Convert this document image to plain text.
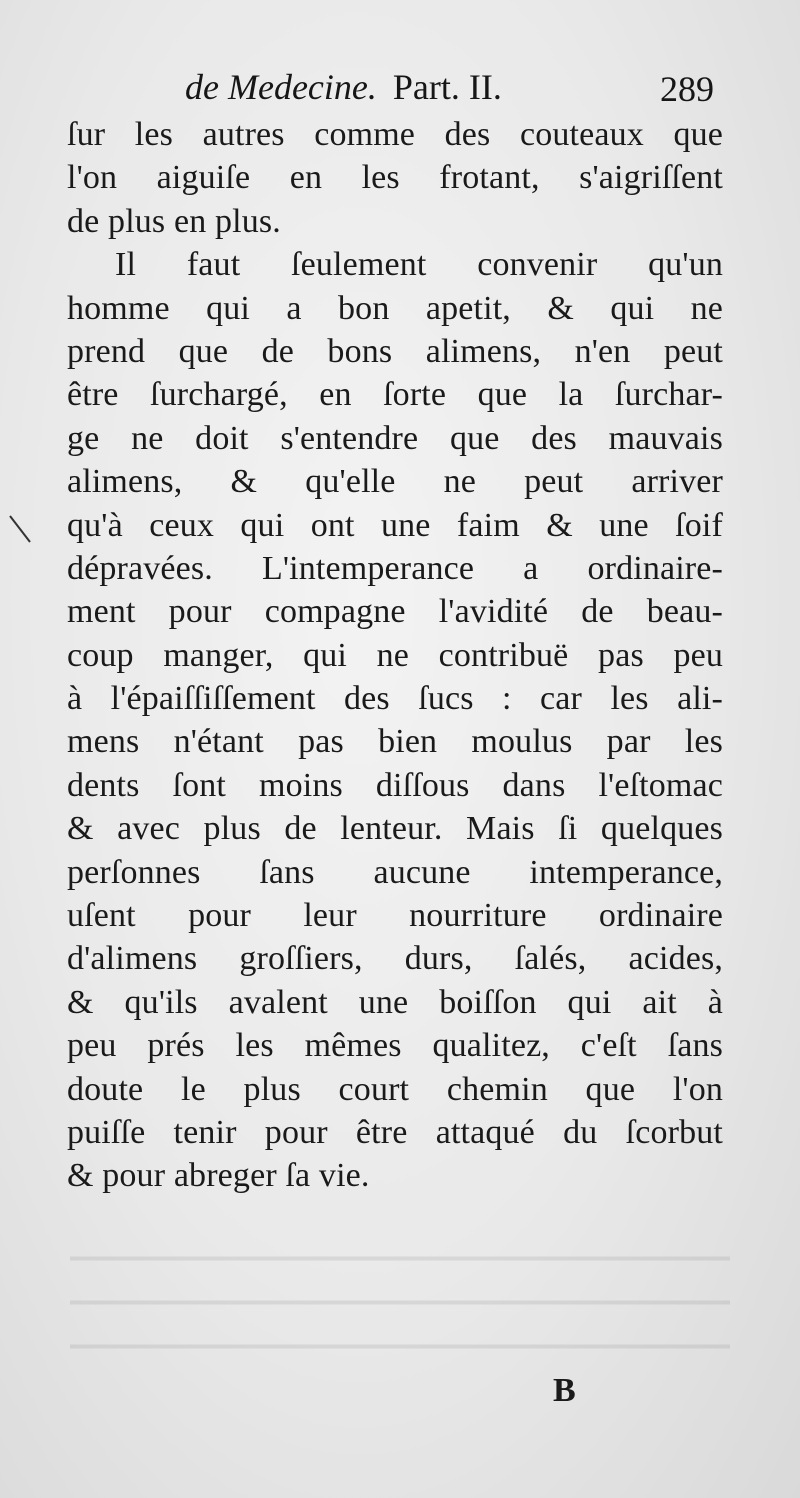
de Medecine. Part. II.	289
ſur les autres comme des couteaux que
l'on aiguiſe en les frotant, s'aigriſſent
de plus en plus.
Il faut ſeulement convenir qu'un
homme qui a bon apetit, & qui ne
prend que de bons alimens, n'en peut
être ſurchargé, en ſorte que la ſurchar-
ge ne doit s'entendre que des mauvais
alimens, & qu'elle ne peut arriver
qu'à ceux qui ont une faim & une ſoif
dépravées. L'intemperance a ordinaire-
ment pour compagne l'avidité de beau-
coup manger, qui ne contribuë pas peu
à l'épaiſſiſſement des ſucs : car les ali-
mens n'étant pas bien moulus par les
dents ſont moins diſſous dans l'eſtomac
& avec plus de lenteur. Mais ſi quelques
perſonnes ſans aucune intemperance,
uſent pour leur nourriture ordinaire
d'alimens groſſiers, durs, ſalés, acides,
& qu'ils avalent une boiſſon qui ait à
peu prés les mêmes qualitez, c'eſt ſans
doute le plus court chemin que l'on
puiſſe tenir pour être attaqué du ſcorbut
& pour abreger ſa vie.
B
